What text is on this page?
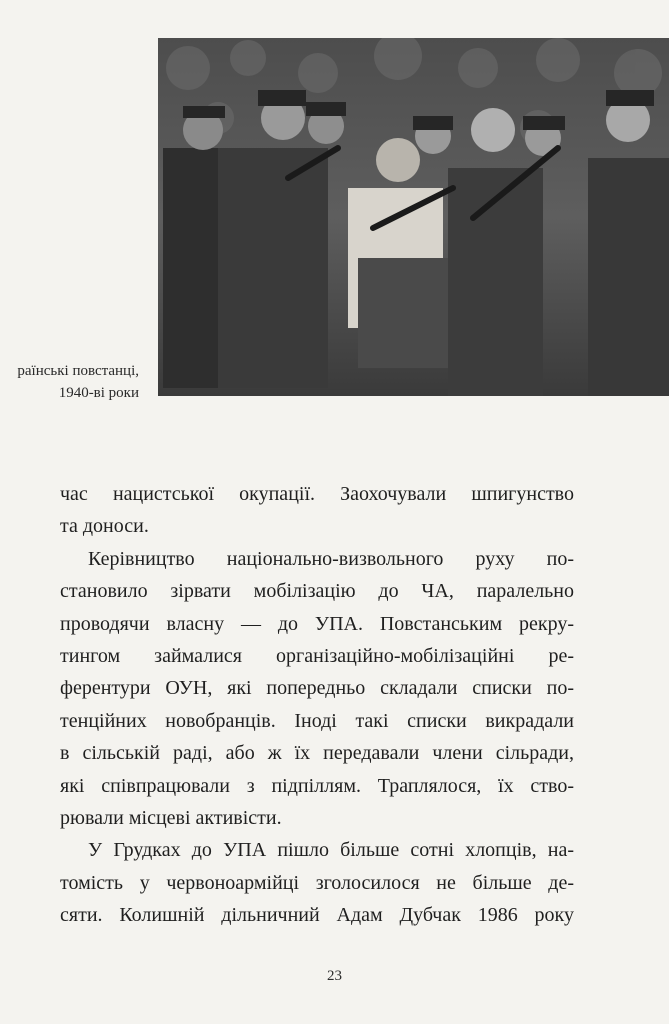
раїнські повстанці,
1940-ві роки
час нацистської окупації. Заохочували шпигунство
та доноси.
Керівництво національно-визвольного руху по-
становило зірвати мобілізацію до ЧА, паралельно
проводячи власну — до УПА. Повстанським рекру-
тингом займалися організаційно-мобілізаційні ре-
ферентури ОУН, які попередньо складали списки по-
тенційних новобранців. Іноді такі списки викрадали
в сільській раді, або ж їх передавали члени сільради,
які співпрацювали з підпіллям. Траплялося, їх ство-
рювали місцеві активісти.
У Грудках до УПА пішло більше сотні хлопців, на-
томість у червоноармійці зголосилося не більше де-
сяти. Колишній дільничний Адам Дубчак 1986 року
23
